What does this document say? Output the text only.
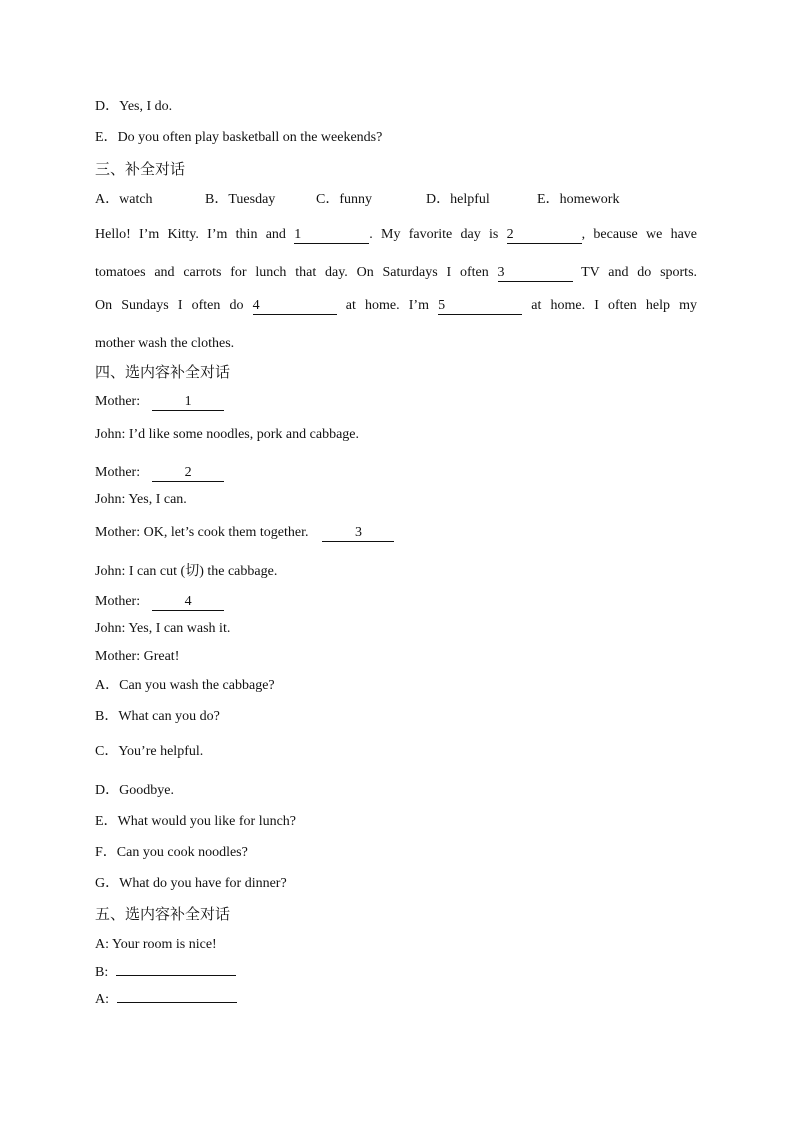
D．Yes, I do.
E．Do you often play basketball on the weekends?
三、补全对话
A．watch	B．Tuesday	C．funny	D．helpful	E．homework
Hello! I’m Kitty. I’m thin and 1	. My favorite day is 2	, because we have
tomatoes and carrots for lunch that day. On Saturdays I often 3	TV and do sports.
On Sundays I often do 4	at home. I’m 5	at home. I often help my
mother wash the clothes.
四、选内容补全对话
Mother:	1
John: I’d like some noodles, pork and cabbage.
Mother:	2
John: Yes, I can.
Mother: OK, let’s cook them together.	3
John: I can cut (切) the cabbage.
Mother:	4
John: Yes, I can wash it.
Mother: Great!
A．Can you wash the cabbage?
B．What can you do?
C．You’re helpful.
D．Goodbye.
E．What would you like for lunch?
F．Can you cook noodles?
G．What do you have for dinner?
五、选内容补全对话
A: Your room is nice!
B:
A:
